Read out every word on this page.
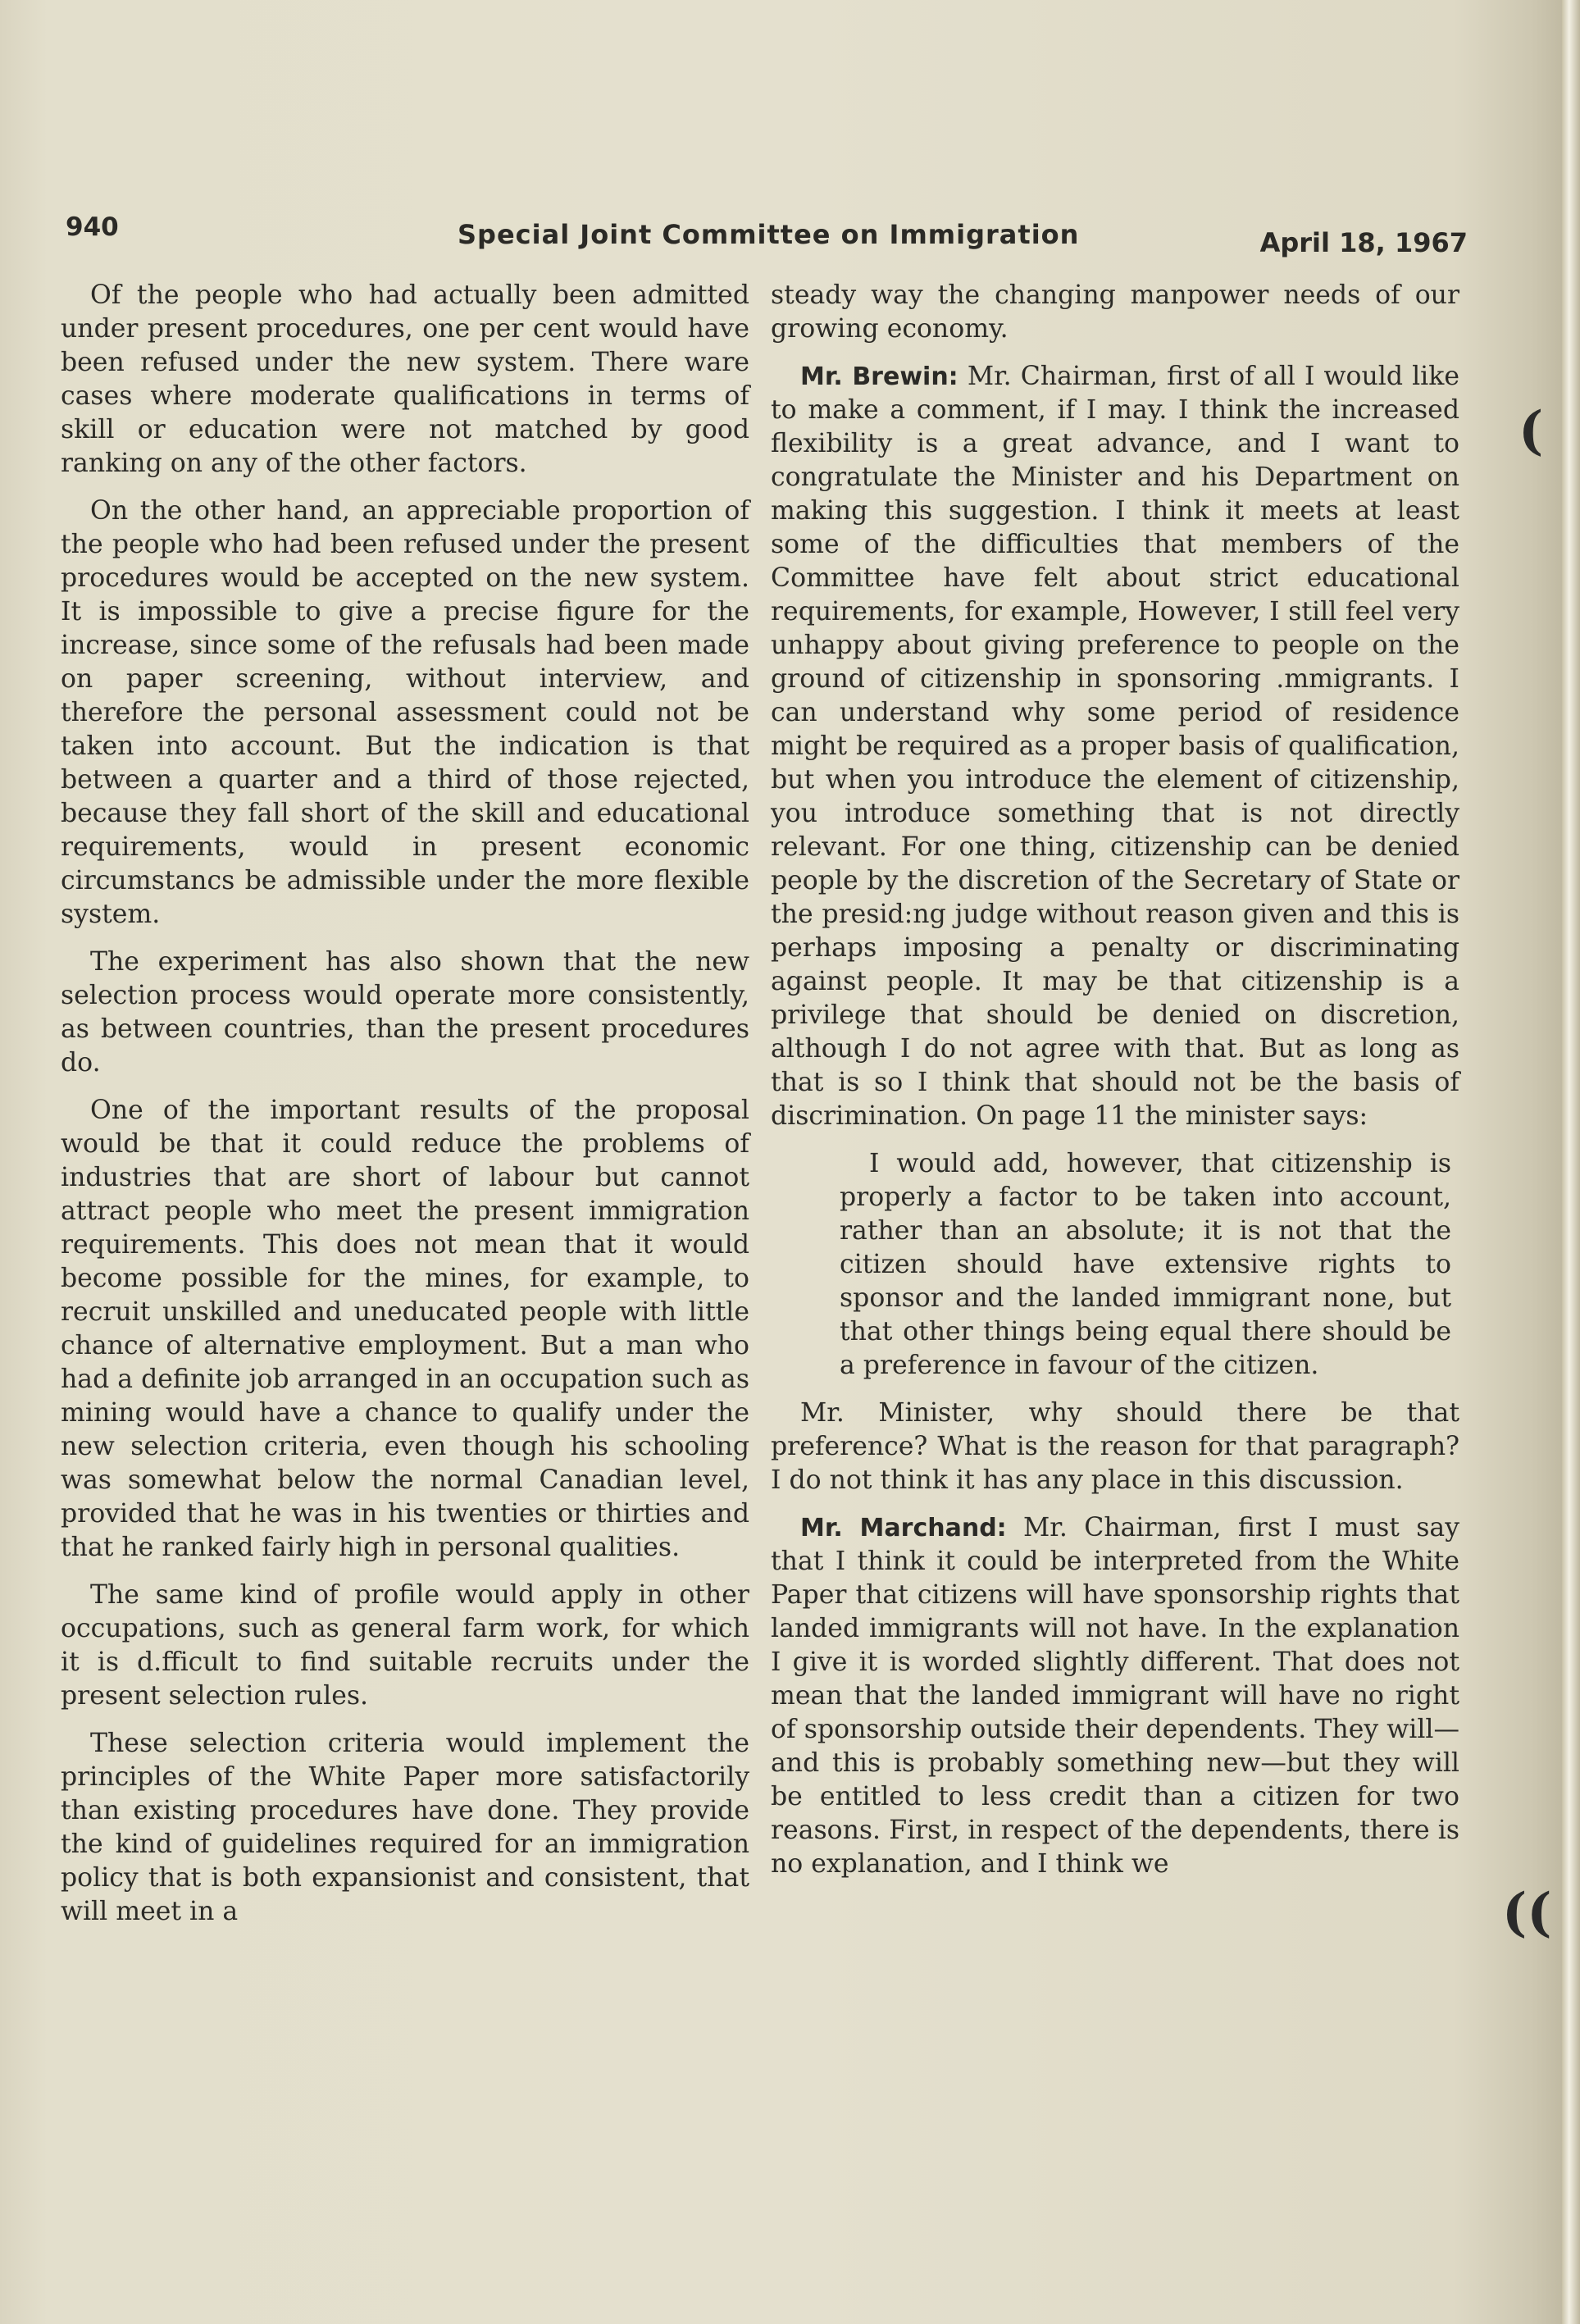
940	Special Joint Committee on Immigration	April 18, 1967

Of the people who had actually been admitted under present procedures, one per cent would have been refused under the new system. There ware cases where moderate qualifications in terms of skill or education were not matched by good ranking on any of the other factors.

On the other hand, an appreciable proportion of the people who had been refused under the present procedures would be accepted on the new system. It is impossible to give a precise figure for the increase, since some of the refusals had been made on paper screening, without interview, and therefore the personal assessment could not be taken into account. But the indication is that between a quarter and a third of those rejected, because they fall short of the skill and educational requirements, would in present economic circumstancs be admissible under the more flexible system.

The experiment has also shown that the new selection process would operate more consistently, as between countries, than the present procedures do.

One of the important results of the proposal would be that it could reduce the problems of industries that are short of labour but cannot attract people who meet the present immigration requirements. This does not mean that it would become possible for the mines, for example, to recruit unskilled and uneducated people with little chance of alternative employment. But a man who had a definite job arranged in an occupation such as mining would have a chance to qualify under the new selection criteria, even though his schooling was somewhat below the normal Canadian level, provided that he was in his twenties or thirties and that he ranked fairly high in personal qualities.

The same kind of profile would apply in other occupations, such as general farm work, for which it is d.fficult to find suitable recruits under the present selection rules.

These selection criteria would implement the principles of the White Paper more satisfactorily than existing procedures have done. They provide the kind of guidelines required for an immigration policy that is both expansionist and consistent, that will meet in a

steady way the changing manpower needs of our growing economy.

Mr. Brewin: Mr. Chairman, first of all I would like to make a comment, if I may. I think the increased flexibility is a great advance, and I want to congratulate the Minister and his Department on making this suggestion. I think it meets at least some of the difficulties that members of the Committee have felt about strict educational requirements, for example, However, I still feel very unhappy about giving preference to people on the ground of citizenship in sponsoring .mmigrants. I can understand why some period of residence might be required as a proper basis of qualification, but when you introduce the element of citizenship, you introduce something that is not directly relevant. For one thing, citizenship can be denied people by the discretion of the Secretary of State or the presid:ng judge without reason given and this is perhaps imposing a penalty or discriminating against people. It may be that citizenship is a privilege that should be denied on discretion, although I do not agree with that. But as long as that is so I think that should not be the basis of discrimination. On page 11 the minister says:

I would add, however, that citizenship is properly a factor to be taken into account, rather than an absolute; it is not that the citizen should have extensive rights to sponsor and the landed immigrant none, but that other things being equal there should be a preference in favour of the citizen.

Mr. Minister, why should there be that preference? What is the reason for that paragraph? I do not think it has any place in this discussion.

Mr. Marchand: Mr. Chairman, first I must say that I think it could be interpreted from the White Paper that citizens will have sponsorship rights that landed immigrants will not have. In the explanation I give it is worded slightly different. That does not mean that the landed immigrant will have no right of sponsorship outside their dependents. They will—and this is probably something new—but they will be entitled to less credit than a citizen for two reasons. First, in respect of the dependents, there is no explanation, and I think we

(
((
